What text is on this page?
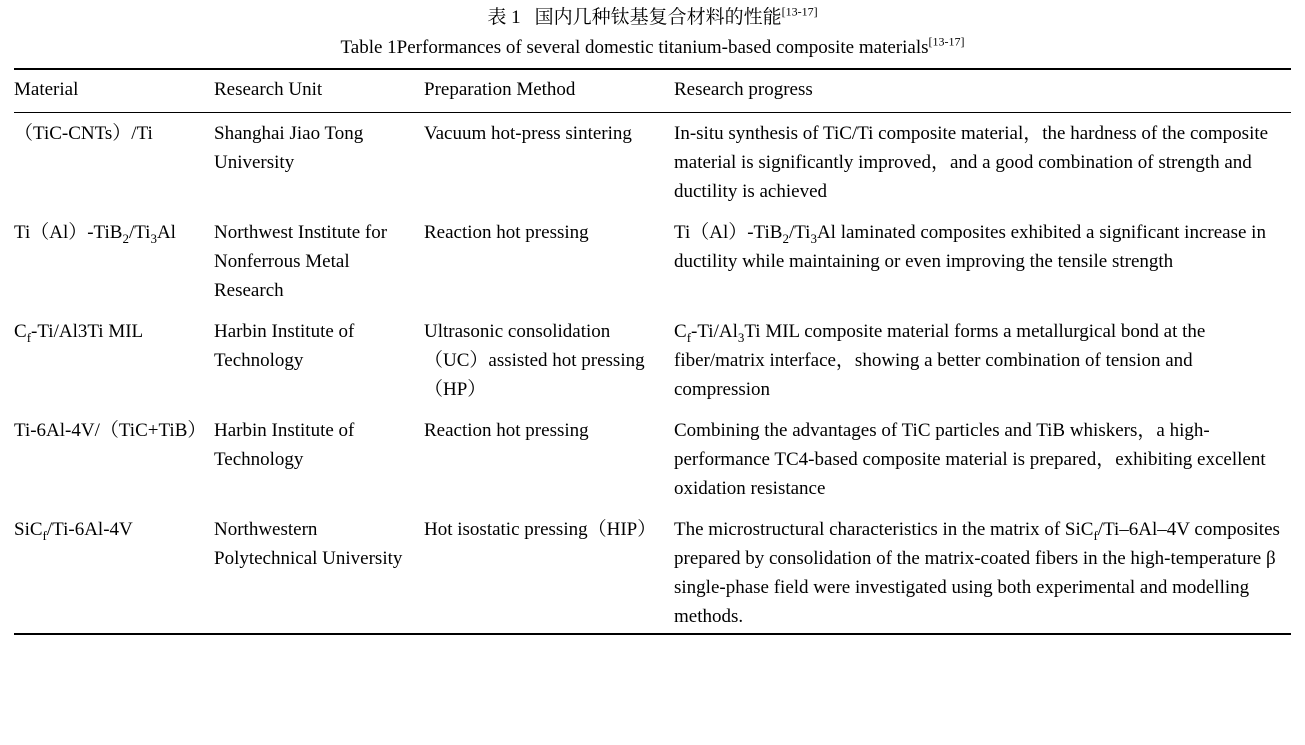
表 1 国内几种钛基复合材料的性能[13-17]
Table 1Performances of several domestic titanium-based composite materials[13-17]
Material	Research Unit	Preparation Method	Research progress
（TiC-CNTs）/Ti	Shanghai Jiao Tong University	Vacuum hot-press sintering	In-situ synthesis of TiC/Ti composite material，the hardness of the composite material is significantly improved，and a good combination of strength and ductility is achieved
$Ti(Al)-TiB_2/Ti_3Al$	Northwest Institute for Nonferrous Metal Research	Reaction hot pressing	$Ti(Al)-TiB_2/Ti_3Al$ laminated composites exhibited a significant increase in ductility while maintaining or even improving the tensile strength
$C_f-Ti/Al3Ti$ MIL	Harbin Institute of Technology	Ultrasonic consolidation（UC）assisted hot pressing（HP）	$C_f-Ti/Al_3Ti$ MIL composite material forms a metallurgical bond at the fiber/matrix interface，showing a better combination of tension and compression
Ti-6Al-4V/（TiC+TiB）	Harbin Institute of Technology	Reaction hot pressing	Combining the advantages of TiC particles and TiB whiskers，a high-performance TC4-based composite material is prepared，exhibiting excellent oxidation resistance
SiC$_f$/Ti-6Al-4V	Northwestern Polytechnical University	Hot isostatic pressing（HIP）	The microstructural characteristics in the matrix of SiC$_f$/Ti–6Al–4V composites prepared by consolidation of the matrix-coated fibers in the high-temperature β single-phase field were investigated using both experimental and modelling methods.
